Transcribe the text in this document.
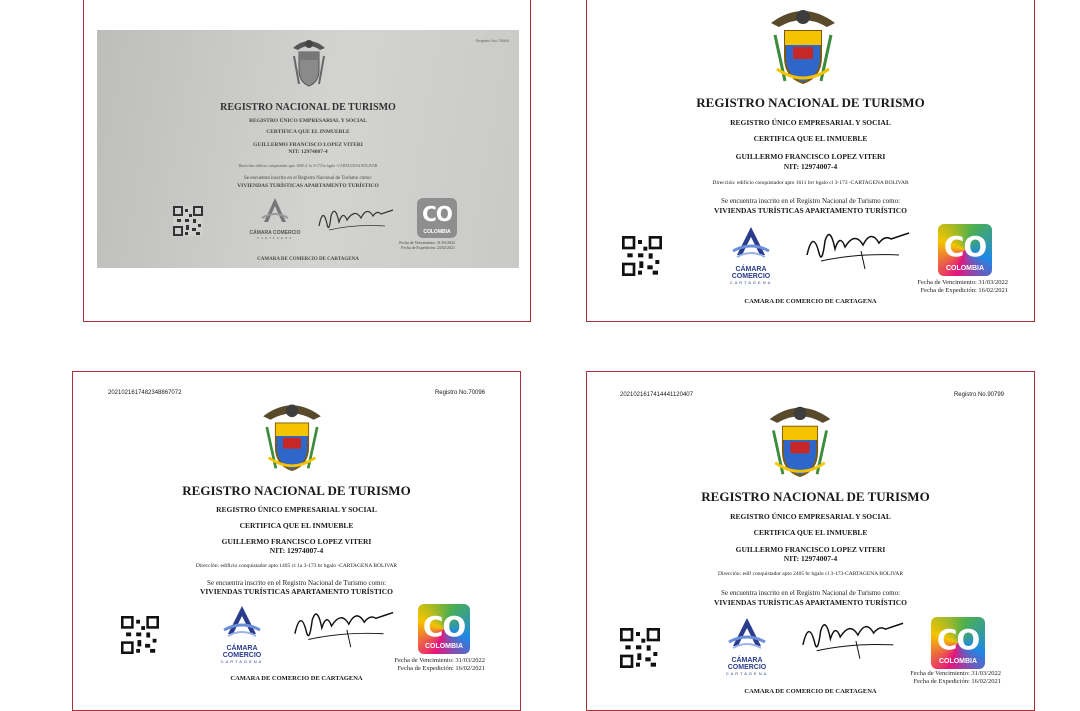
Registro No.70689
REGISTRO NACIONAL DE TURISMO
REGISTRO ÚNICO EMPRESARIAL Y SOCIAL
CERTIFICA QUE EL INMUEBLE
GUILLERMO FRANCISCO LOPEZ VITERI
NIT: 12974007-4
Dirección: edificio conquistador apto 1008 cl 1a 3-173 br bgalo -CARTAGENA BOLIVAR
Se encuentra inscrito en el Registro Nacional de Turismo como:
VIVIENDAS TURÍSTICAS APARTAMENTO TURÍSTICO
CÁMARA COMERCIO
CARTAGENA
CO
COLOMBIA
Fecha de Vencimiento: 31/03/2022
Fecha de Expedición: 23/02/2021
CAMARA DE COMERCIO DE CARTAGENA
REGISTRO NACIONAL DE TURISMO
REGISTRO ÚNICO EMPRESARIAL Y SOCIAL
CERTIFICA QUE EL INMUEBLE
GUILLERMO FRANCISCO LOPEZ VITERI
NIT: 12974007-4
Dirección: edificio conquistador apto 1611 brr bgalo cl 3-173 -CARTAGENA BOLIVAR
Se encuentra inscrito en el Registro Nacional de Turismo como:
VIVIENDAS TURÍSTICAS APARTAMENTO TURÍSTICO
CÁMARA COMERCIO
CARTAGENA
CO
COLOMBIA
Fecha de Vencimiento: 31/03/2022
Fecha de Expedición: 16/02/2021
CAMARA DE COMERCIO DE CARTAGENA
2021021617482348867072	Registro No.70096
REGISTRO NACIONAL DE TURISMO
REGISTRO ÚNICO EMPRESARIAL Y SOCIAL
CERTIFICA QUE EL INMUEBLE
GUILLERMO FRANCISCO LOPEZ VITERI
NIT: 12974007-4
Dirección: edificio conquistador apto 1405 cl 1a 3-173 br bgalo -CARTAGENA BOLIVAR
Se encuentra inscrito en el Registro Nacional de Turismo como:
VIVIENDAS TURÍSTICAS APARTAMENTO TURÍSTICO
CÁMARA COMERCIO
CARTAGENA
CO
COLOMBIA
Fecha de Vencimiento: 31/03/2022
Fecha de Expedición: 16/02/2021
CAMARA DE COMERCIO DE CARTAGENA
2021021617414441120407	Registro No.90799
REGISTRO NACIONAL DE TURISMO
REGISTRO ÚNICO EMPRESARIAL Y SOCIAL
CERTIFICA QUE EL INMUEBLE
GUILLERMO FRANCISCO LOPEZ VITERI
NIT: 12974007-4
Dirección: edif conquistador apto 2405 br bgalo cl 3-173-CARTAGENA BOLIVAR
Se encuentra inscrito en el Registro Nacional de Turismo como:
VIVIENDAS TURÍSTICAS APARTAMENTO TURÍSTICO
CÁMARA COMERCIO
CARTAGENA
CO
COLOMBIA
Fecha de Vencimiento: 31/03/2022
Fecha de Expedición: 16/02/2021
CAMARA DE COMERCIO DE CARTAGENA
